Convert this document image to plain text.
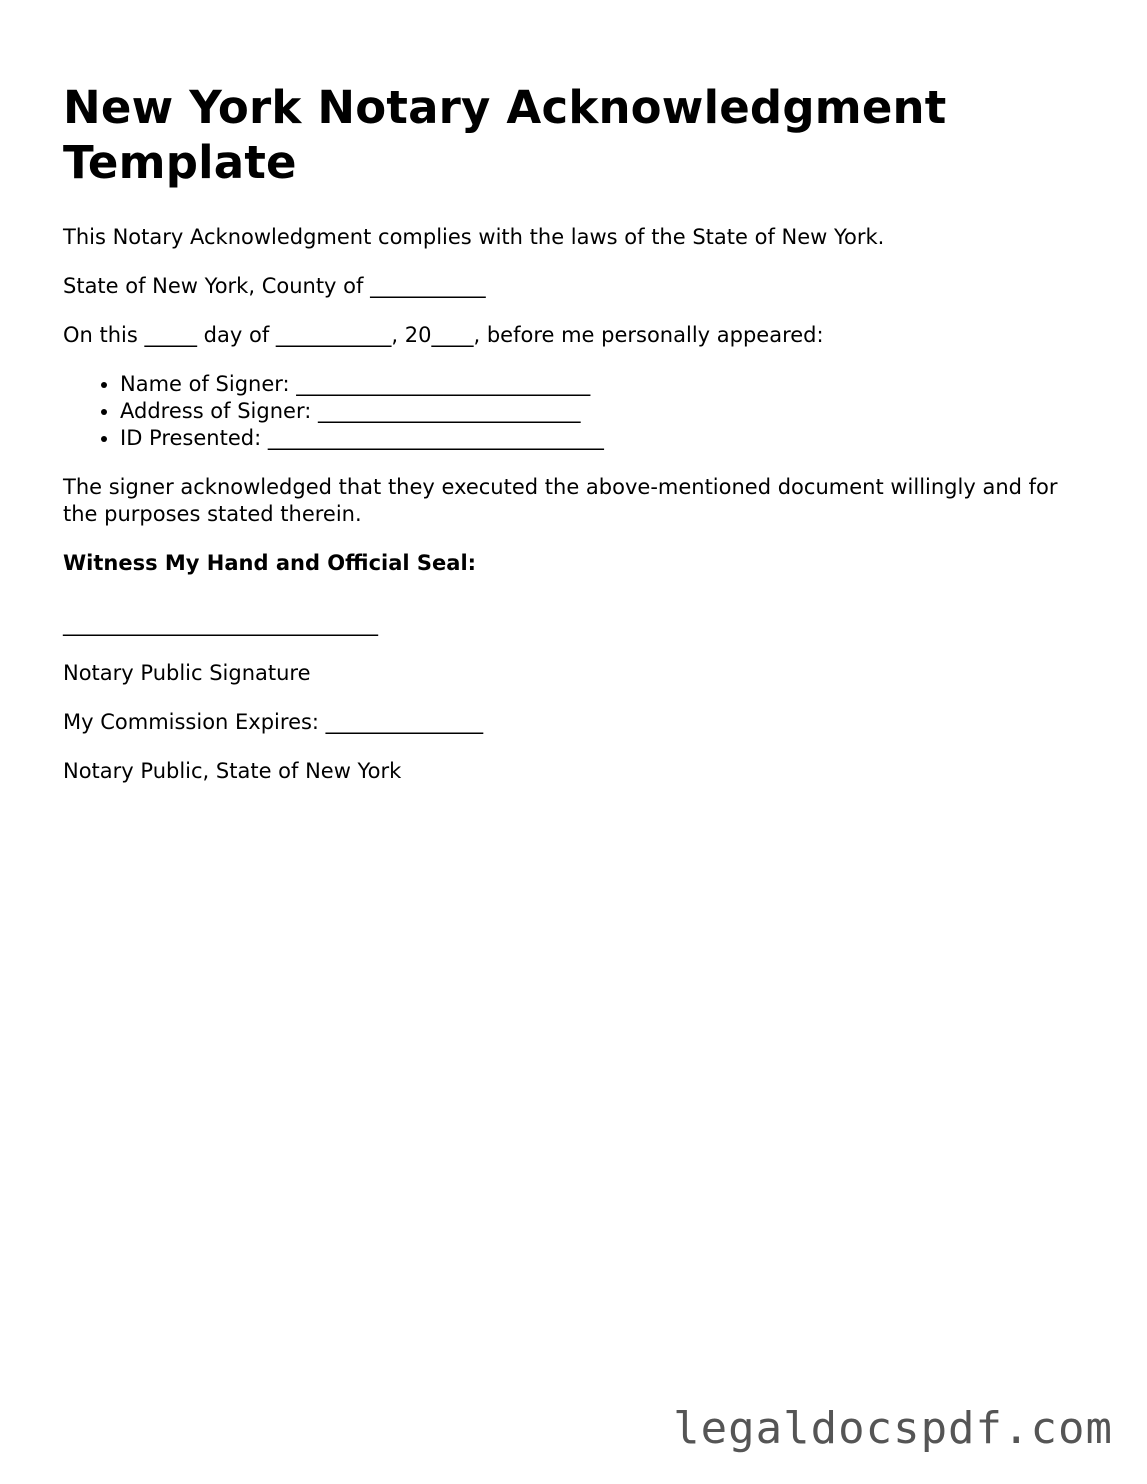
New York Notary Acknowledgment Template

This Notary Acknowledgment complies with the laws of the State of New York.

State of New York, County of ___________

On this _____ day of ___________, 20____, before me personally appeared:

• Name of Signer: ____________________________
• Address of Signer: _________________________
• ID Presented: ________________________________

The signer acknowledged that they executed the above-mentioned document willingly and for the purposes stated therein.

Witness My Hand and Official Seal:

______________________________

Notary Public Signature

My Commission Expires: _______________

Notary Public, State of New York

legaldocspdf.com
